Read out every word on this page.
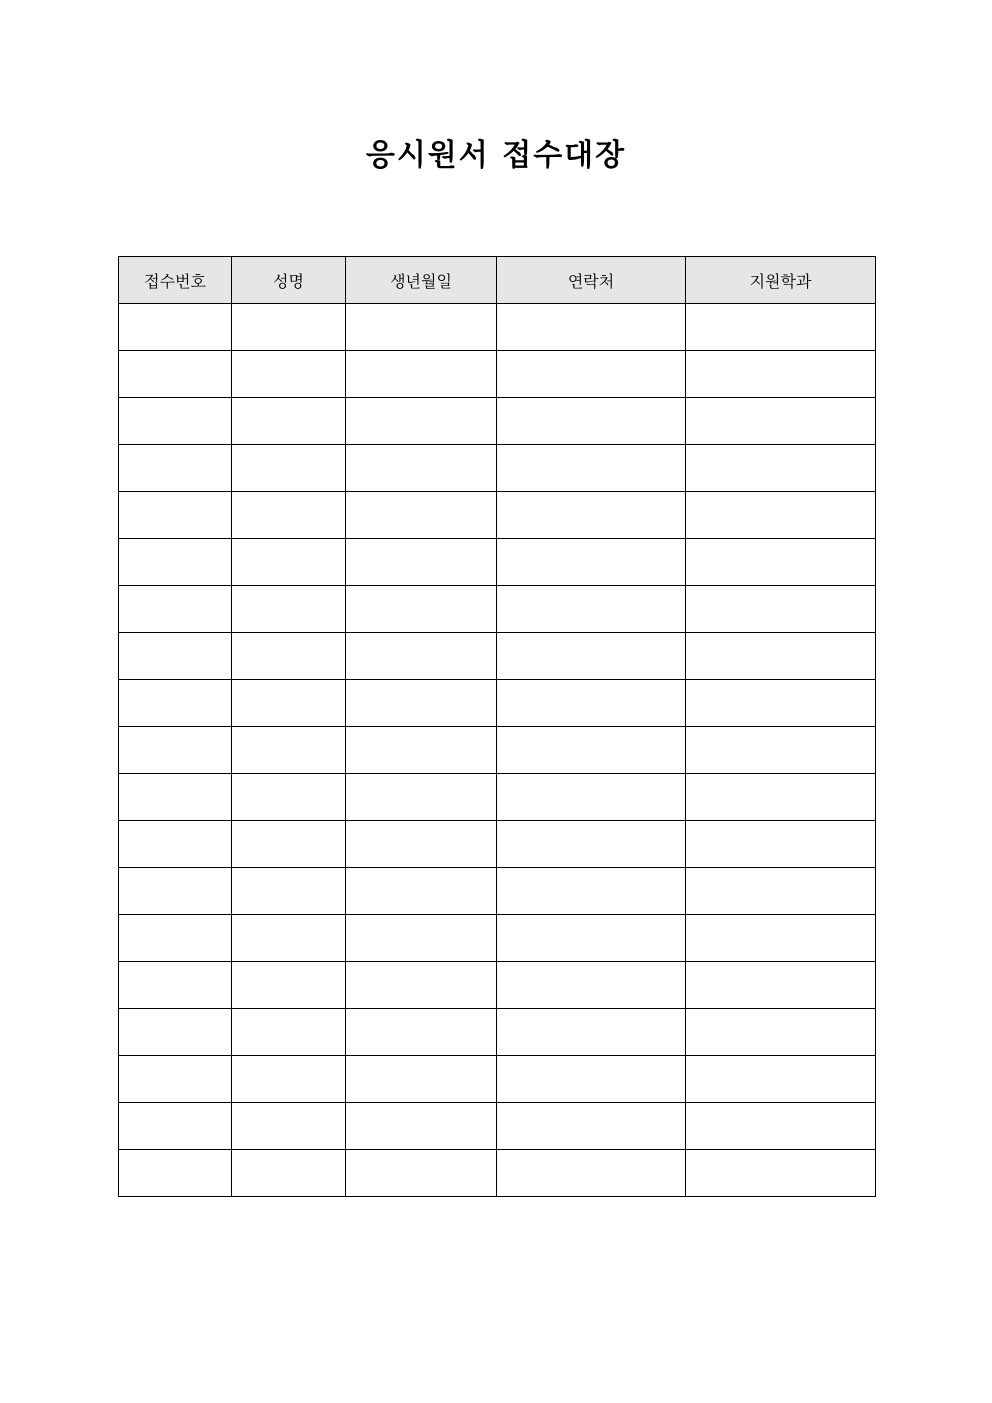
응시원서 접수대장
접수번호	성명	생년월일	연락처	지원학과
